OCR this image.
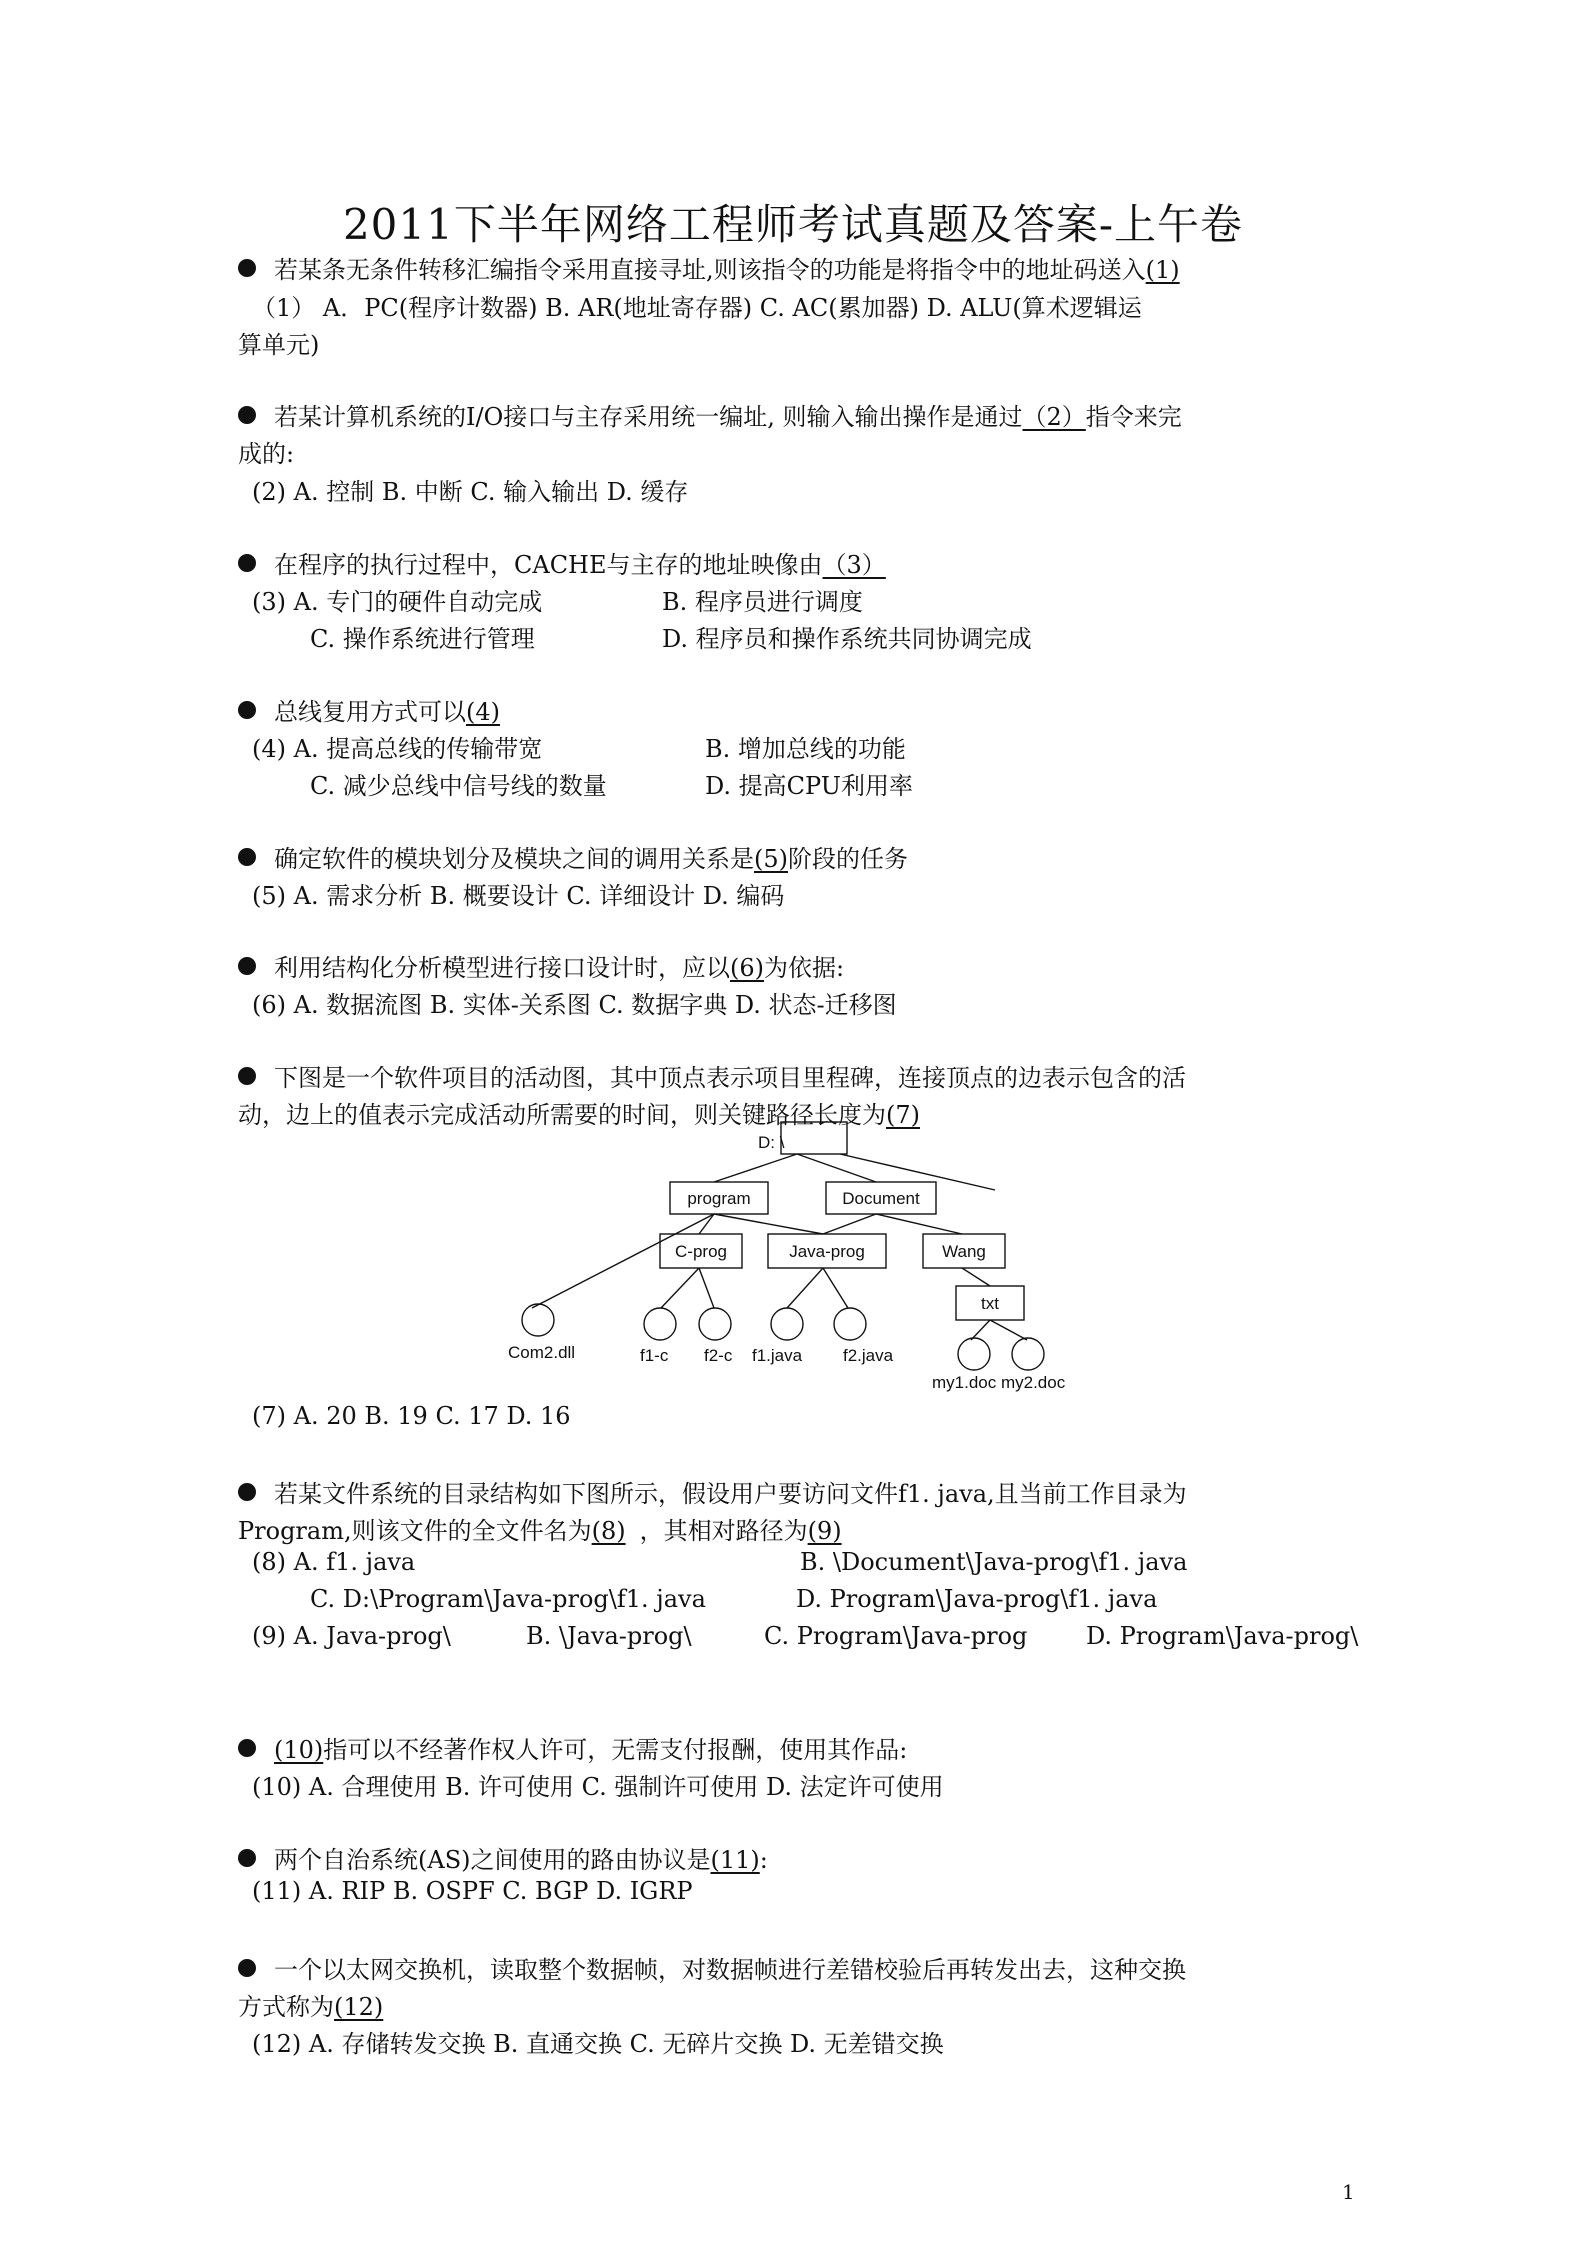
2011下半年网络工程师考试真题及答案-上午卷
若某条无条件转移汇编指令采用直接寻址,则该指令的功能是将指令中的地址码送入(1)
（1） A．PC(程序计数器) B. AR(地址寄存器) C. AC(累加器) D. ALU(算术逻辑运
算单元)
若某计算机系统的I/O接口与主存采用统一编址, 则输入输出操作是通过（2）指令来完
成的:
(2) A. 控制 B. 中断 C. 输入输出 D. 缓存
在程序的执行过程中，CACHE与主存的地址映像由（3）
(3) A. 专门的硬件自动完成	B. 程序员进行调度
C. 操作系统进行管理	D. 程序员和操作系统共同协调完成
总线复用方式可以(4)
(4) A. 提高总线的传输带宽	B. 增加总线的功能
C. 减少总线中信号线的数量	D. 提高CPU利用率
确定软件的模块划分及模块之间的调用关系是(5)阶段的任务
(5) A. 需求分析 B. 概要设计 C. 详细设计 D. 编码
利用结构化分析模型进行接口设计时，应以(6)为依据:
(6) A. 数据流图 B. 实体-关系图 C. 数据字典 D. 状态-迁移图
下图是一个软件项目的活动图，其中顶点表示项目里程碑，连接顶点的边表示包含的活
动，边上的值表示完成活动所需要的时间，则关键路径长度为(7)
D: \
program	Document
C-prog	Java-prog	Wang
txt
Com2.dll	f1-c f2-c f1.java f2.java
my1.doc my2.doc
(7) A. 20 B. 19 C. 17 D. 16
若某文件系统的目录结构如下图所示，假设用户要访问文件f1. java,且当前工作目录为
Program,则该文件的全文件名为(8) ，其相对路径为(9)
(8) A. f1. java	B. \Document\Java-prog\f1. java
C. D:\Program\Java-prog\f1. java	D. Program\Java-prog\f1. java
(9) A. Java-prog\	B. \Java-prog\	C. Program\Java-prog D. Program\Java-prog\
(10)指可以不经著作权人许可，无需支付报酬，使用其作品:
(10) A. 合理使用 B. 许可使用 C. 强制许可使用 D. 法定许可使用
两个自治系统(AS)之间使用的路由协议是(11):
(11) A. RIP B. OSPF C. BGP D. IGRP
一个以太网交换机，读取整个数据帧，对数据帧进行差错校验后再转发出去，这种交换
方式称为(12)
(12) A. 存储转发交换 B. 直通交换 C. 无碎片交换 D. 无差错交换
1
